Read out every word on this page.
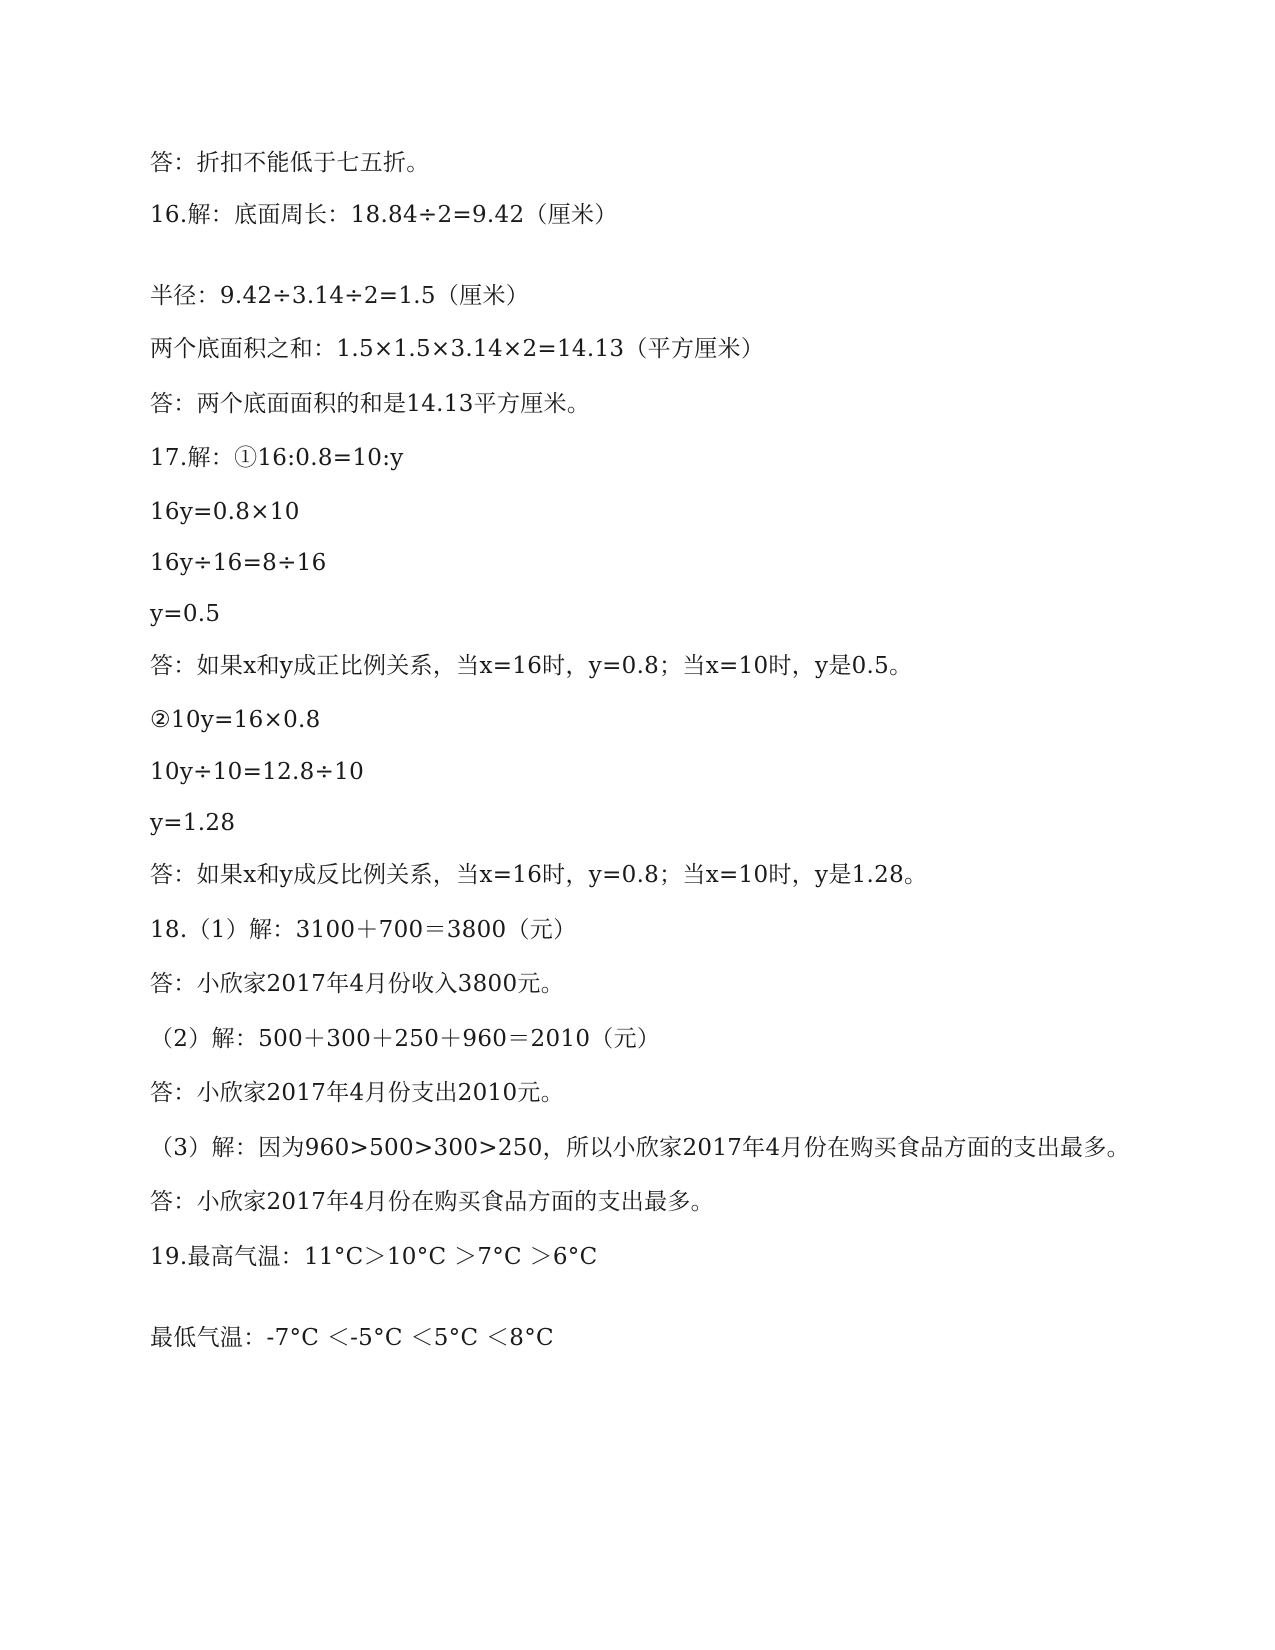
答：折扣不能低于七五折。
16.解：底面周长：18.84÷2=9.42（厘米）
半径：9.42÷3.14÷2=1.5（厘米）
两个底面积之和：1.5×1.5×3.14×2=14.13（平方厘米）
答：两个底面面积的和是14.13平方厘米。
17.解：①16:0.8=10:y
16y=0.8×10
16y÷16=8÷16
y=0.5
答：如果x和y成正比例关系，当x=16时，y=0.8；当x=10时，y是0.5。
②10y=16×0.8
10y÷10=12.8÷10
y=1.28
答：如果x和y成反比例关系，当x=16时，y=0.8；当x=10时，y是1.28。
18.（1）解：3100＋700＝3800（元）
答：小欣家2017年4月份收入3800元。
（2）解：500＋300＋250＋960＝2010（元）
答：小欣家2017年4月份支出2010元。
（3）解：因为960>500>300>250，所以小欣家2017年4月份在购买食品方面的支出最多。
答：小欣家2017年4月份在购买食品方面的支出最多。
19.最高气温：11°C＞10°C ＞7°C ＞6°C
最低气温：-7°C ＜-5°C ＜5°C ＜8°C
